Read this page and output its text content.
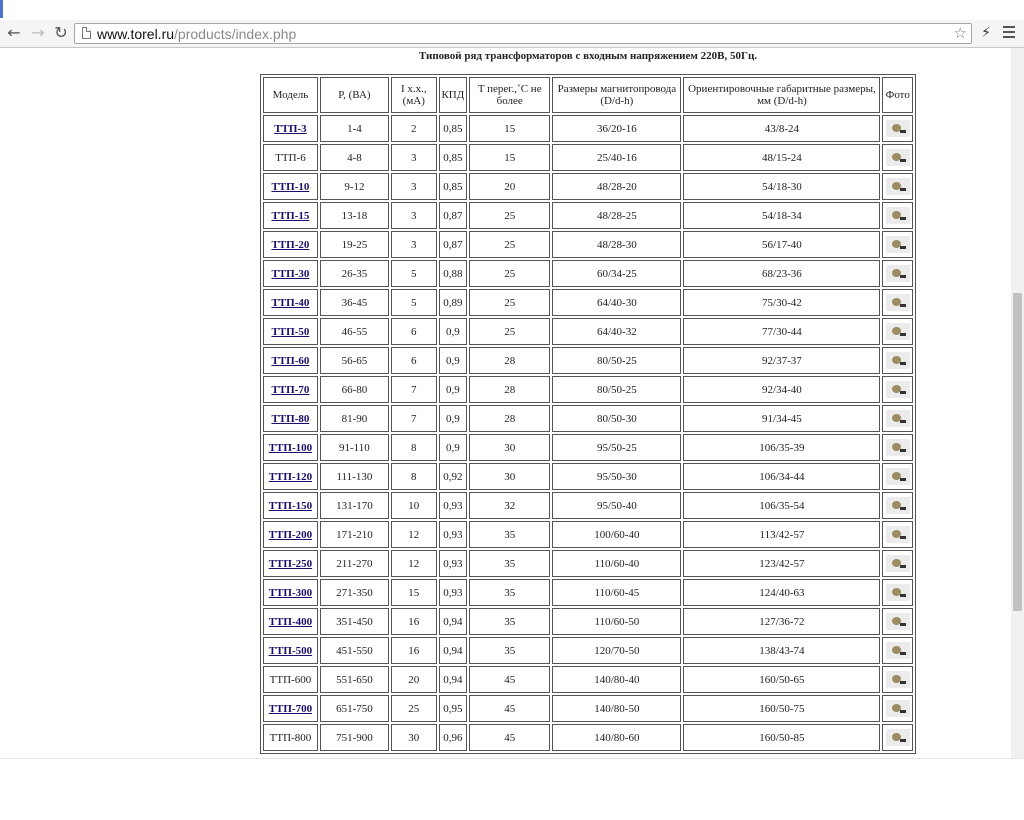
← → ↻ www.torel.ru/products/index.php	☆ ⚡︎
Типовой ряд трансформаторов с входным напряжением 220В, 50Гц.
Модель	P, (ВА)	I х.х., (мА)	КПД	T перег.,˚С не более	Размеры магнитопровода (D/d-h)	Ориентировочные габаритные размеры, мм (D/d-h)	Фото
ТТП-3	1-4	2	0,85	15	36/20-16	43/8-24	
ТТП-6	4-8	3	0,85	15	25/40-16	48/15-24	
ТТП-10	9-12	3	0,85	20	48/28-20	54/18-30	
ТТП-15	13-18	3	0,87	25	48/28-25	54/18-34	
ТТП-20	19-25	3	0,87	25	48/28-30	56/17-40	
ТТП-30	26-35	5	0,88	25	60/34-25	68/23-36	
ТТП-40	36-45	5	0,89	25	64/40-30	75/30-42	
ТТП-50	46-55	6	0,9	25	64/40-32	77/30-44	
ТТП-60	56-65	6	0,9	28	80/50-25	92/37-37	
ТТП-70	66-80	7	0,9	28	80/50-25	92/34-40	
ТТП-80	81-90	7	0,9	28	80/50-30	91/34-45	
ТТП-100	91-110	8	0,9	30	95/50-25	106/35-39	
ТТП-120	111-130	8	0,92	30	95/50-30	106/34-44	
ТТП-150	131-170	10	0,93	32	95/50-40	106/35-54	
ТТП-200	171-210	12	0,93	35	100/60-40	113/42-57	
ТТП-250	211-270	12	0,93	35	110/60-40	123/42-57	
ТТП-300	271-350	15	0,93	35	110/60-45	124/40-63	
ТТП-400	351-450	16	0,94	35	110/60-50	127/36-72	
ТТП-500	451-550	16	0,94	35	120/70-50	138/43-74	
ТТП-600	551-650	20	0,94	45	140/80-40	160/50-65	
ТТП-700	651-750	25	0,95	45	140/80-50	160/50-75	
ТТП-800	751-900	30	0,96	45	140/80-60	160/50-85	
